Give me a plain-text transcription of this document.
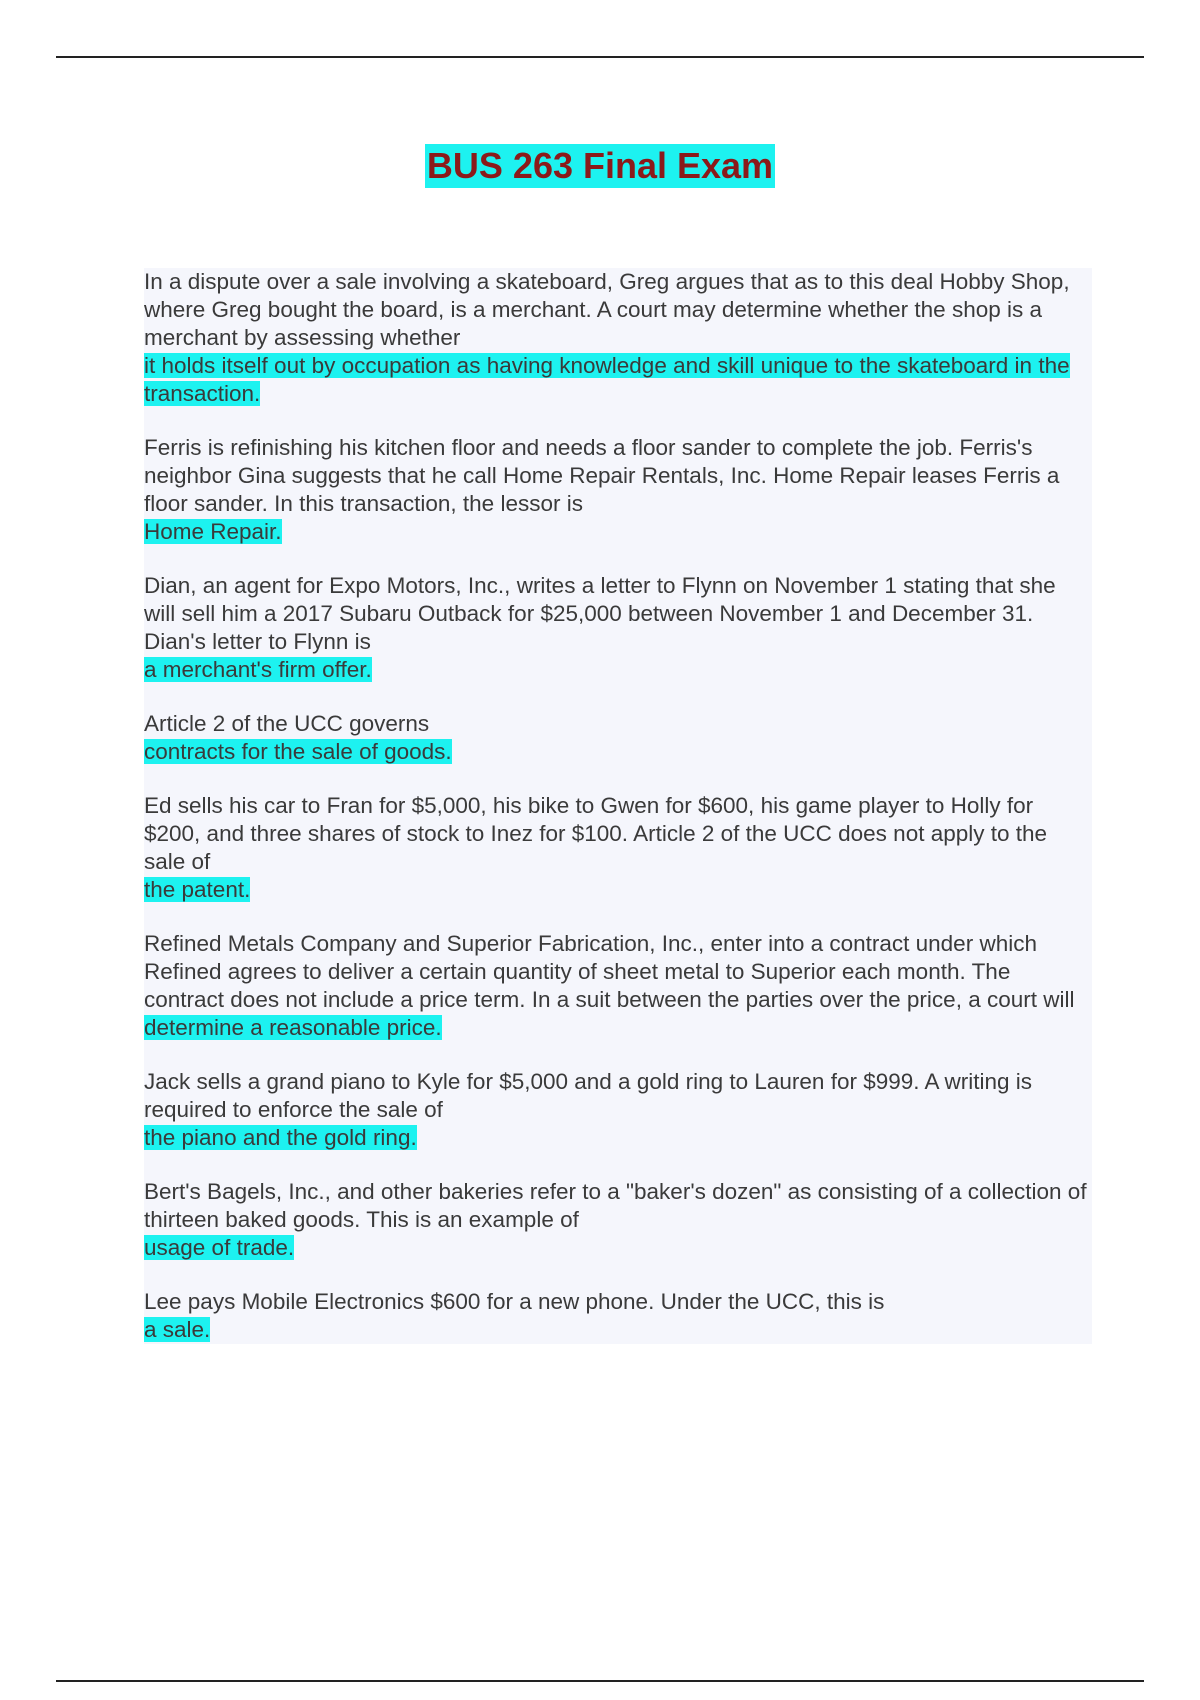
BUS 263 Final Exam

In a dispute over a sale involving a skateboard, Greg argues that as to this deal Hobby Shop, where Greg bought the board, is a merchant. A court may determine whether the shop is a merchant by assessing whether

it holds itself out by occupation as having knowledge and skill unique to the skateboard in the transaction.

Ferris is refinishing his kitchen floor and needs a floor sander to complete the job. Ferris's neighbor Gina suggests that he call Home Repair Rentals, Inc. Home Repair leases Ferris a floor sander. In this transaction, the lessor is

Home Repair.

Dian, an agent for Expo Motors, Inc., writes a letter to Flynn on November 1 stating that she will sell him a 2017 Subaru Outback for $25,000 between November 1 and December 31. Dian's letter to Flynn is

a merchant's firm offer.

Article 2 of the UCC governs

contracts for the sale of goods.

Ed sells his car to Fran for $5,000, his bike to Gwen for $600, his game player to Holly for $200, and three shares of stock to Inez for $100. Article 2 of the UCC does not apply to the sale of

the patent.

Refined Metals Company and Superior Fabrication, Inc., enter into a contract under which Refined agrees to deliver a certain quantity of sheet metal to Superior each month. The contract does not include a price term. In a suit between the parties over the price, a court will

determine a reasonable price.

Jack sells a grand piano to Kyle for $5,000 and a gold ring to Lauren for $999. A writing is required to enforce the sale of

the piano and the gold ring.

Bert's Bagels, Inc., and other bakeries refer to a "baker's dozen" as consisting of a collection of thirteen baked goods. This is an example of

usage of trade.

Lee pays Mobile Electronics $600 for a new phone. Under the UCC, this is

a sale.
